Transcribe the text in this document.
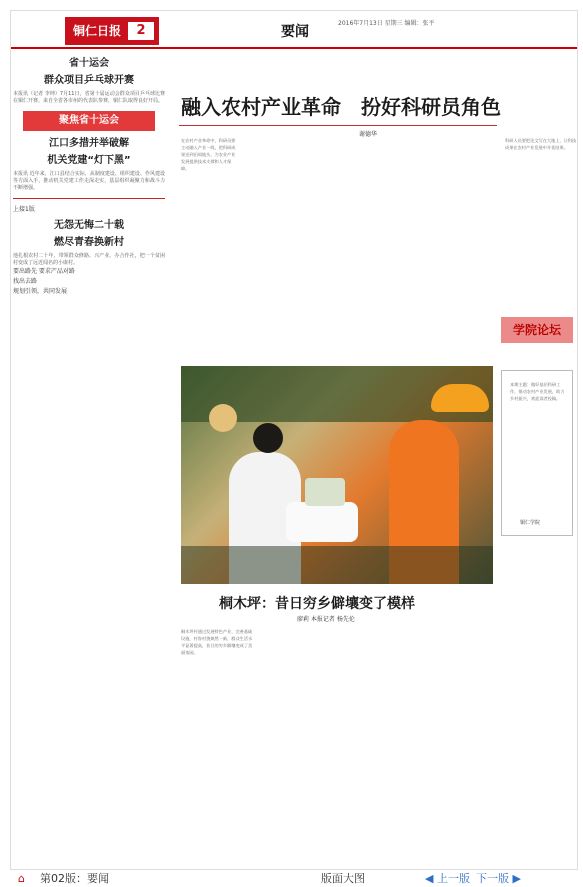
铜仁日报	2	要闻
2016年7月13日 星期三 编辑：张平
省十运会
群众项目乒乓球开赛
本报讯（记者 李坤）7月11日，省第十届运动会群众项目乒乓球比赛在铜仁开赛。来自全省各市州的代表队参赛，铜仁队取得良好开局。
聚焦省十运会
江口多措并举破解
机关党建“灯下黑”
本报讯 近年来，江口县结合实际，从制度建设、组织建设、作风建设等方面入手，推动机关党建工作走深走实，基层组织凝聚力和战斗力不断增强。
上接1版
无怨无悔二十载
燃尽青春换新村
他扎根农村二十年，带领群众修路、兴产业、办合作社，把一个贫困村变成了远近闻名的小康村。
要出路先 要求产品对路
找出去路
规划引领，共同发展
融入农村产业革命　扮好科研员角色
谢德华
在农村产业革命中，科研员要主动融入产业一线，把科研成果送到田间地头，为农业产业发展提供技术支撑和人才保障。
科研人员要把论文写在大地上，让科技成果在农村产业发展中开花结果。
学院论坛
本期主题：做好基层科研工作，推动农村产业发展，助力乡村振兴，欢迎读者投稿。
铜仁学院
桐木坪：昔日穷乡僻壤变了模样
廖莉 本报记者 杨先伦
桐木坪村通过发展特色产业、完善基础设施，村容村貌焕然一新，群众生活水平显著提高，昔日的穷乡僻壤变成了美丽家园。
⌂ 第02版：要闻	版面大图	◀ 上一版 下一版 ▶
